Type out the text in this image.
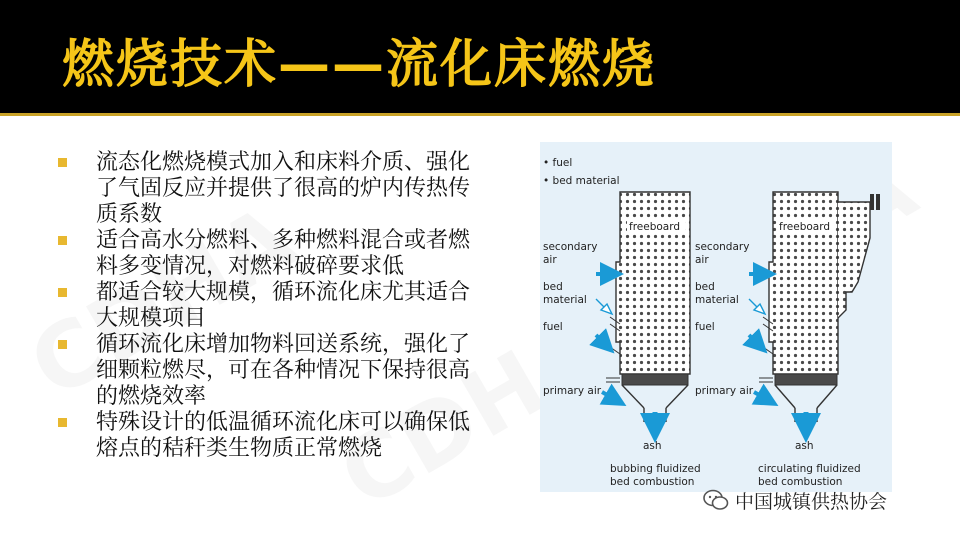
燃烧技术——流化床燃烧
流态化燃烧模式加入和床料介质、强化了气固反应并提供了很高的炉内传热传质系数
适合高水分燃料、多种燃料混合或者燃料多变情况，对燃料破碎要求低
都适合较大规模，循环流化床尤其适合大规模项目
循环流化床增加物料回送系统，强化了细颗粒燃尽，可在各种情况下保持很高的燃烧效率
特殊设计的低温循环流化床可以确保低熔点的秸秆类生物质正常燃烧
• fuel
• bed material
freeboard
secondary
air
bed
material
fuel
primary air
ash
bubbing fluidized
bed combustion
freeboard
secondary
air
bed
material
fuel
primary air
ash
circulating fluidized
bed combustion
中国城镇供热协会
